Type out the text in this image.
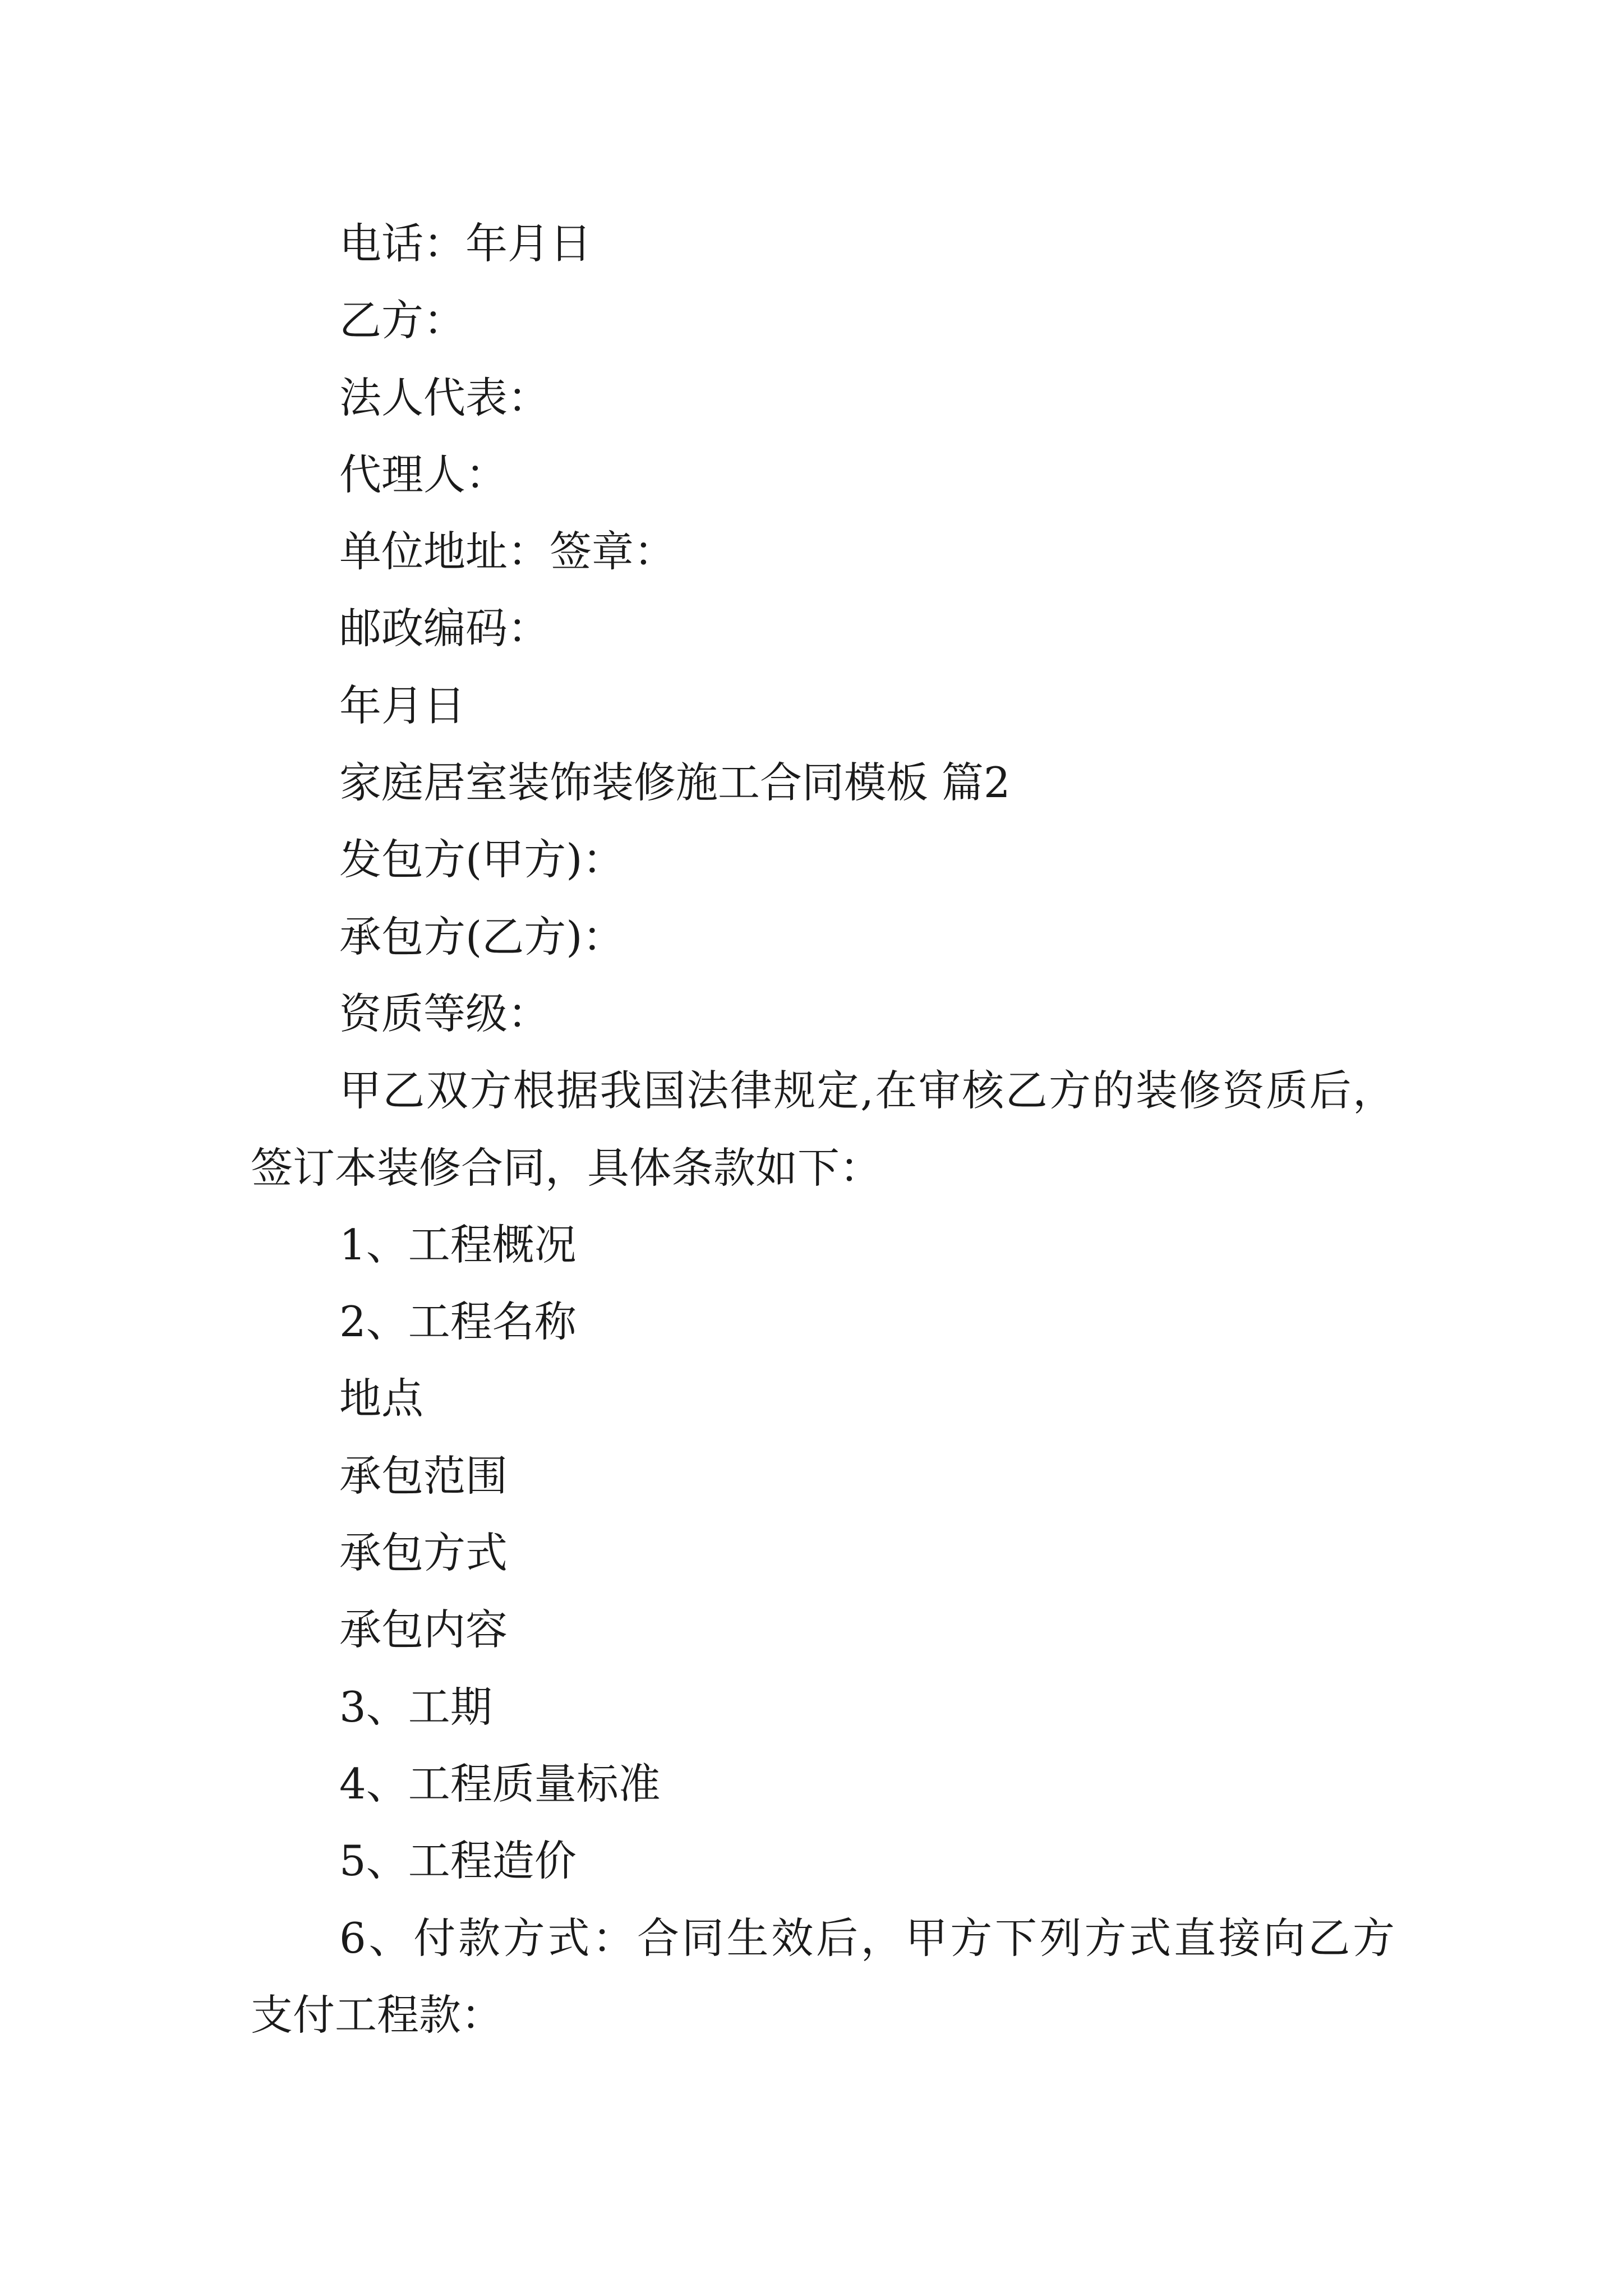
电话：年月日
乙方：
法人代表：
代理人：
单位地址：签章：
邮政编码：
年月日
家庭居室装饰装修施工合同模板 篇2
发包方(甲方)：
承包方(乙方)：
资质等级：
甲乙双方根据我国法律规定,在审核乙方的装修资质后，
签订本装修合同，具体条款如下：
1、工程概况
2、工程名称
地点
承包范围
承包方式
承包内容
3、工期
4、工程质量标准
5、工程造价
6、付款方式：合同生效后，甲方下列方式直接向乙方
支付工程款：
